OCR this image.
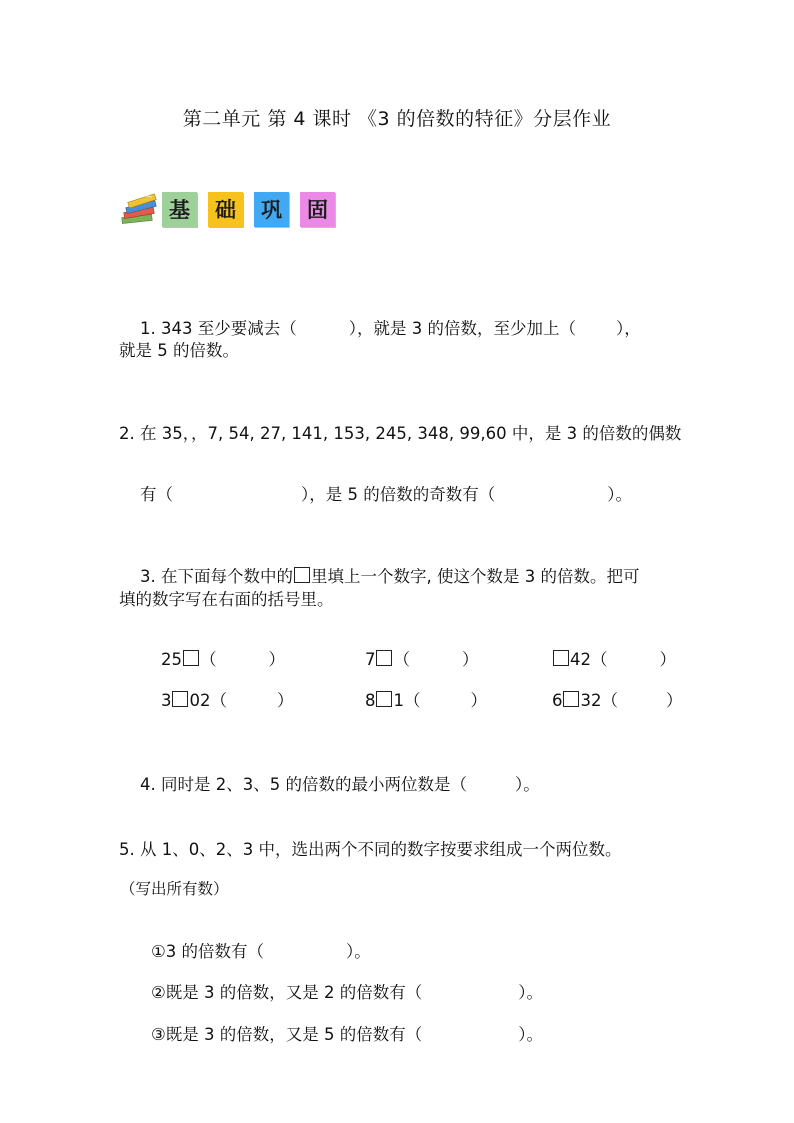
第二单元 第 4 课时 《3 的倍数的特征》分层作业
基	础	巩	固

1. 343 至少要减去（	），就是 3 的倍数，至少加上（ ），

就是 5 的倍数。
2. 在 35，，7, 54, 27, 141, 153, 245, 348, 99,60 中，是 3 的倍数的偶数

有（	），是 5 的倍数的奇数有（	）。

3. 在下面每个数中的 里填上一个数字, 使这个数是 3 的倍数。把可

填的数字写在右面的括号里。

25 （	）
	7 （	）
	42（	）

3 02（	）
	8 1（	）
	6 32（	）

4. 同时是 2、3、5 的倍数的最小两位数是（	）。

5. 从 1、0、2、3 中，选出两个不同的数字按要求组成一个两位数。
（写出所有数）

①3 的倍数有（	）。

②既是 3 的倍数，又是 2 的倍数有（	）。

③既是 3 的倍数，又是 5 的倍数有（	）。
